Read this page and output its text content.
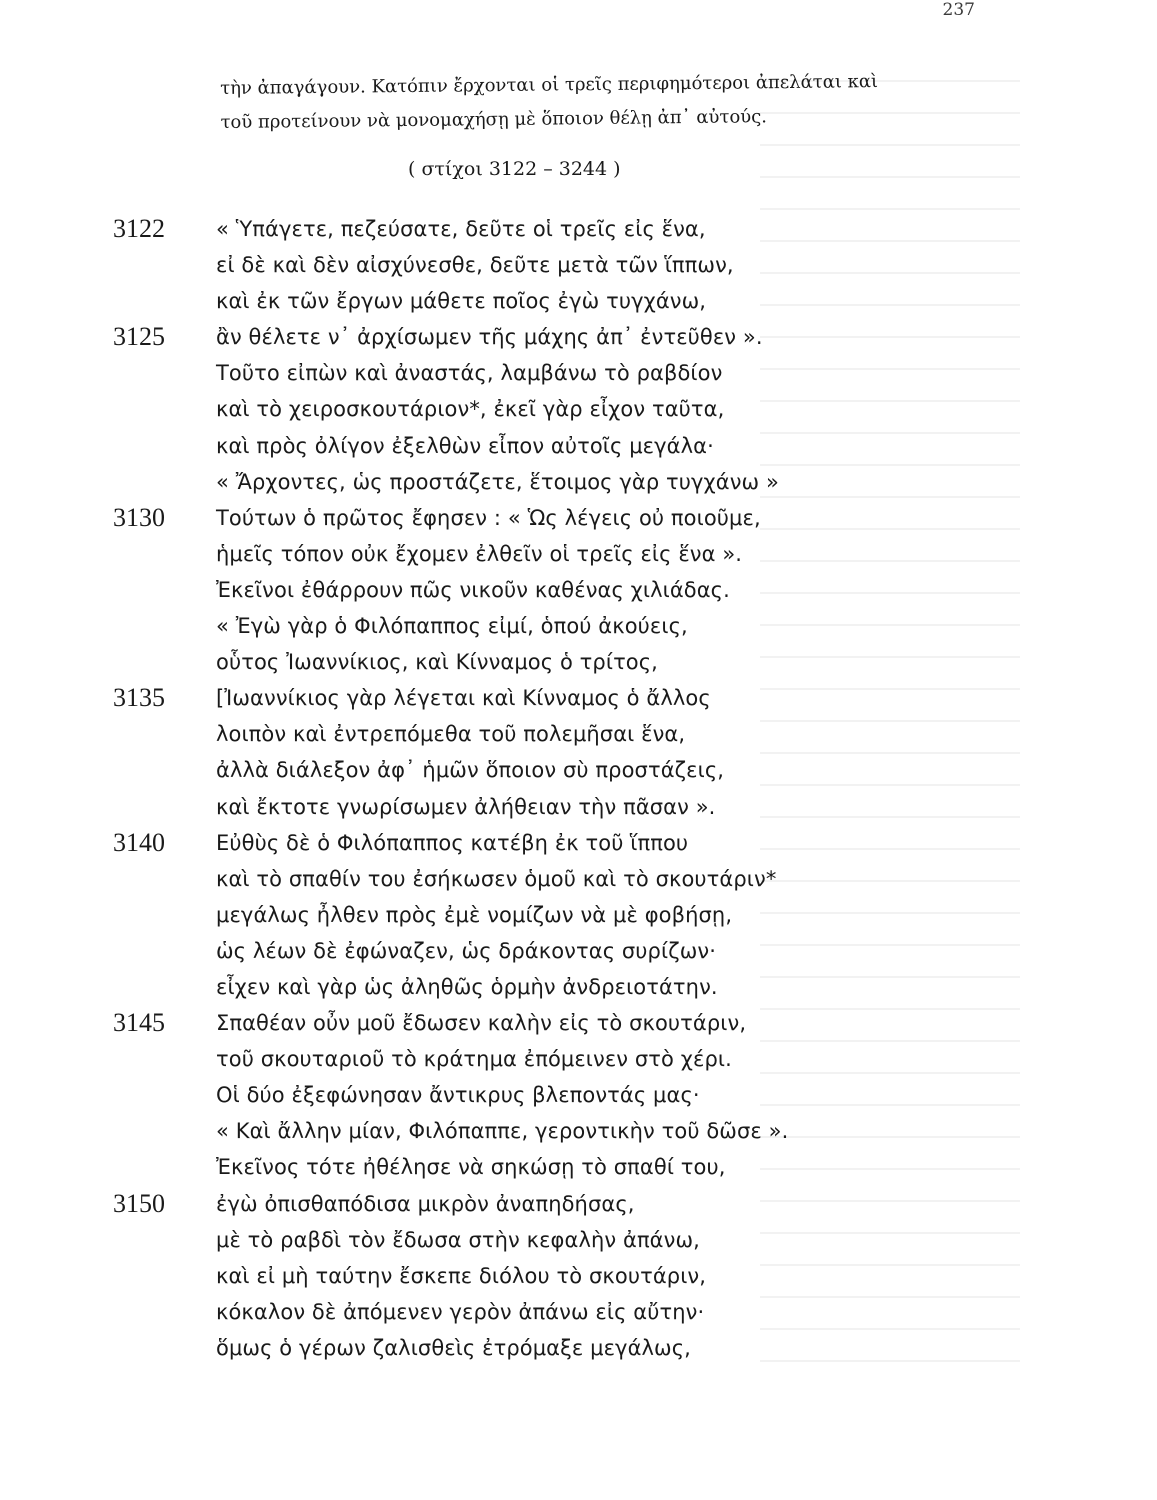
237
τὴν ἀπαγάγουν. Κατόπιν ἔρχονται οἱ τρεῖς περιφημότεροι ἀπελάται καὶ
τοῦ προτείνουν νὰ μονομαχήσῃ μὲ ὅποιον θέλῃ ἀπ᾽ αὐτούς.
( στίχοι 3122 – 3244 )
3122 « Ὑπάγετε, πεζεύσατε, δεῦτε οἱ τρεῖς εἰς ἕνα,
εἰ δὲ καὶ δὲν αἰσχύνεσθε, δεῦτε μετὰ τῶν ἵππων,
καὶ ἐκ τῶν ἔργων μάθετε ποῖος ἐγὼ τυγχάνω,
3125 ἂν θέλετε ν᾽ ἀρχίσωμεν τῆς μάχης ἀπ᾽ ἐντεῦθεν ».
Τοῦτο εἰπὼν καὶ ἀναστάς, λαμβάνω τὸ ραβδίον
καὶ τὸ χειροσκουτάριον*, ἐκεῖ γὰρ εἶχον ταῦτα,
καὶ πρὸς ὀλίγον ἐξελθὼν εἶπον αὐτοῖς μεγάλα·
« Ἄρχοντες, ὡς προστάζετε, ἕτοιμος γὰρ τυγχάνω »
3130 Τούτων ὁ πρῶτος ἔφησεν : « Ὡς λέγεις οὐ ποιοῦμε,
ἡμεῖς τόπον οὐκ ἔχομεν ἐλθεῖν οἱ τρεῖς εἰς ἕνα ».
Ἐκεῖνοι ἐθάρρουν πῶς νικοῦν καθένας χιλιάδας.
« Ἐγὼ γὰρ ὁ Φιλόπαππος εἰμί, ὁπού ἀκούεις,
οὗτος Ἰωαννίκιος, καὶ Κίνναμος ὁ τρίτος,
3135 [Ἰωαννίκιος γὰρ λέγεται καὶ Κίνναμος ὁ ἄλλος
λοιπὸν καὶ ἐντρεπόμεθα τοῦ πολεμῆσαι ἕνα,
ἀλλὰ διάλεξον ἀφ᾽ ἡμῶν ὅποιον σὺ προστάζεις,
καὶ ἔκτοτε γνωρίσωμεν ἀλήθειαν τὴν πᾶσαν ».
3140 Εὐθὺς δὲ ὁ Φιλόπαππος κατέβη ἐκ τοῦ ἵππου
καὶ τὸ σπαθίν του ἐσήκωσεν ὁμοῦ καὶ τὸ σκουτάριν*
μεγάλως ἦλθεν πρὸς ἐμὲ νομίζων νὰ μὲ φοβήσῃ,
ὡς λέων δὲ ἐφώναζεν, ὡς δράκοντας συρίζων·
εἶχεν καὶ γὰρ ὡς ἀληθῶς ὁρμὴν ἀνδρειοτάτην.
3145 Σπαθέαν οὖν μοῦ ἔδωσεν καλὴν εἰς τὸ σκουτάριν,
τοῦ σκουταριοῦ τὸ κράτημα ἐπόμεινεν στὸ χέρι.
Οἱ δύο ἐξεφώνησαν ἄντικρυς βλεποντάς μας·
« Καὶ ἄλλην μίαν, Φιλόπαππε, γεροντικὴν τοῦ δῶσε ».
Ἐκεῖνος τότε ἠθέλησε νὰ σηκώσῃ τὸ σπαθί του,
3150 ἐγὼ ὀπισθαπόδισα μικρὸν ἀναπηδήσας,
μὲ τὸ ραβδὶ τὸν ἔδωσα στὴν κεφαλὴν ἀπάνω,
καὶ εἰ μὴ ταύτην ἔσκεπε διόλου τὸ σκουτάριν,
κόκαλον δὲ ἀπόμενεν γερὸν ἀπάνω εἰς αὔτην·
ὅμως ὁ γέρων ζαλισθεὶς ἐτρόμαξε μεγάλως,
